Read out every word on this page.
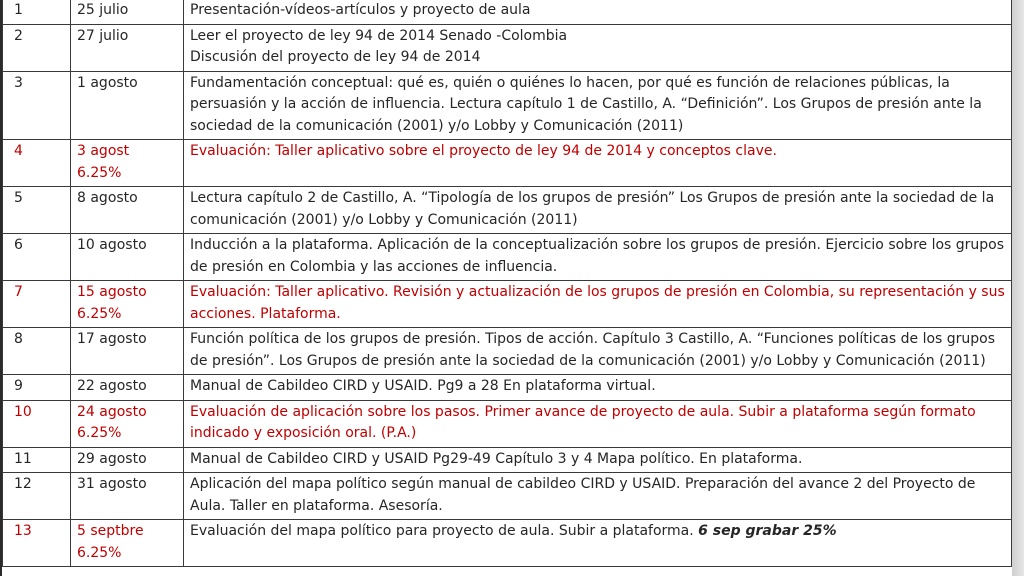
1	25 julio	Presentación-vídeos-artículos y proyecto de aula
2	27 julio	Leer el proyecto de ley 94 de 2014 Senado -Colombia
Discusión del proyecto de ley 94 de 2014

3	1 agosto	Fundamentación conceptual: qué es, quién o quiénes lo hacen, por qué es función de relaciones públicas, la persuasión y la acción de influencia. Lectura capítulo 1 de Castillo, A. “Definición”. Los Grupos de presión ante la sociedad de la comunicación (2001) y/o Lobby y Comunicación (2011)
4	3 agost 6.25%	Evaluación: Taller aplicativo sobre el proyecto de ley 94 de 2014 y conceptos clave.
5	8 agosto	Lectura capítulo 2 de Castillo, A. “Tipología de los grupos de presión” Los Grupos de presión ante la sociedad de la comunicación (2001) y/o Lobby y Comunicación (2011)
6	10 agosto	Inducción a la plataforma. Aplicación de la conceptualización sobre los grupos de presión. Ejercicio sobre los grupos de presión en Colombia y las acciones de influencia.
7	15 agosto 6.25%	Evaluación: Taller aplicativo. Revisión y actualización de los grupos de presión en Colombia, su representación y sus acciones. Plataforma.
8	17 agosto	Función política de los grupos de presión. Tipos de acción. Capítulo 3 Castillo, A. “Funciones políticas de los grupos de presión”. Los Grupos de presión ante la sociedad de la comunicación (2001) y/o Lobby y Comunicación (2011)
9	22 agosto	Manual de Cabildeo CIRD y USAID. Pg9 a 28 En plataforma virtual.
10	24 agosto 6.25%	Evaluación de aplicación sobre los pasos. Primer avance de proyecto de aula. Subir a plataforma según formato indicado y exposición oral. (P.A.)
11	29 agosto	Manual de Cabildeo CIRD y USAID Pg29-49 Capítulo 3 y 4 Mapa político. En plataforma.
12	31 agosto	Aplicación del mapa político según manual de cabildeo CIRD y USAID. Preparación del avance 2 del Proyecto de Aula. Taller en plataforma. Asesoría.
13	5 septbre 6.25%	Evaluación del mapa político para proyecto de aula. Subir a plataforma. 6 sep grabar 25%
